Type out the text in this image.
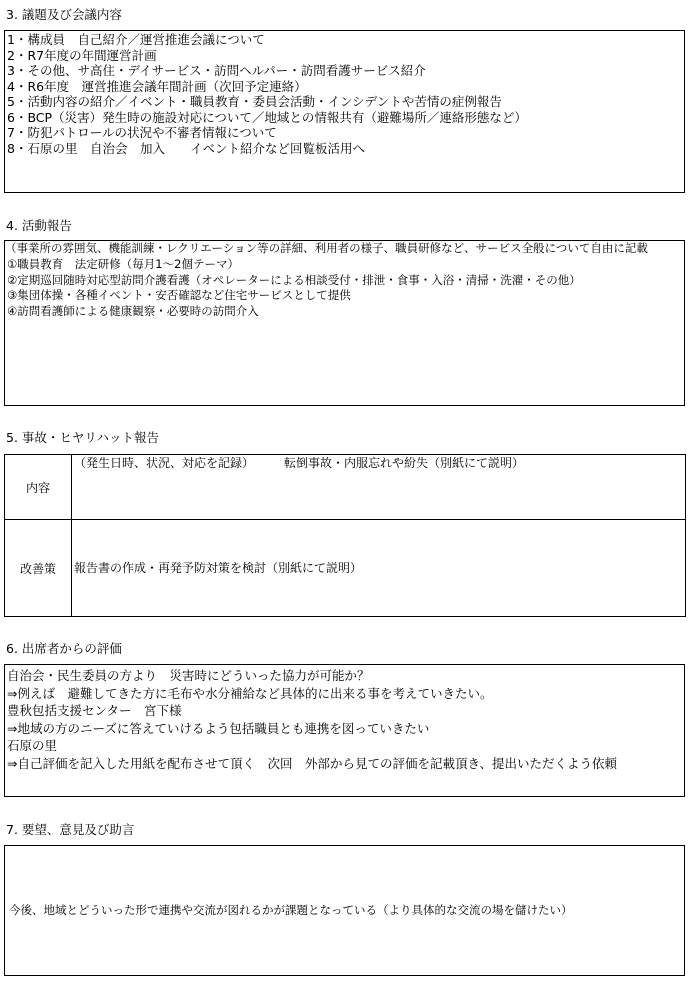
3. 議題及び会議内容
1・構成員　自己紹介／運営推進会議について
2・R7年度の年間運営計画
3・その他、サ高住・デイサービス・訪問ヘルパー・訪問看護サービス紹介
4・R6年度　運営推進会議年間計画（次回予定連絡）
5・活動内容の紹介／イベント・職員教育・委員会活動・インシデントや苦情の症例報告
6・BCP（災害）発生時の施設対応について／地域との情報共有（避難場所／連絡形態など）
7・防犯パトロールの状況や不審者情報について
8・石原の里　自治会　加入　　イベント紹介など回覧板活用へ
4. 活動報告
（事業所の雰囲気、機能訓練・レクリエーション等の詳細、利用者の様子、職員研修など、サービス全般について自由に記載
①職員教育　法定研修（毎月1～2個テーマ）
②定期巡回随時対応型訪問介護看護（オペレーターによる相談受付・排泄・食事・入浴・清掃・洗濯・その他）
③集団体操・各種イベント・安否確認など住宅サービスとして提供
④訪問看護師による健康観察・必要時の訪問介入
5. 事故・ヒヤリハット報告
内容
（発生日時、状況、対応を記録）　　　転倒事故・内服忘れや紛失（別紙にて説明）
改善策	報告書の作成・再発予防対策を検討（別紙にて説明）
6. 出席者からの評価
自治会・民生委員の方より　災害時にどういった協力が可能か？
⇒例えば　避難してきた方に毛布や水分補給など具体的に出来る事を考えていきたい。
豊秋包括支援センター　宮下様
⇒地域の方のニーズに答えていけるよう包括職員とも連携を図っていきたい
石原の里
⇒自己評価を記入した用紙を配布させて頂く　次回　外部から見ての評価を記載頂き、提出いただくよう依頼
7. 要望、意見及び助言
今後、地域とどういった形で連携や交流が図れるかが課題となっている（より具体的な交流の場を儲けたい）
